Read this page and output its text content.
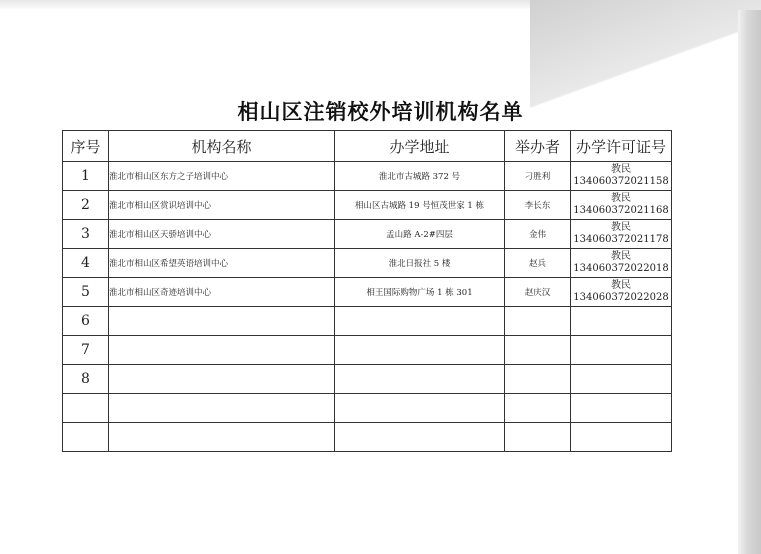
相山区注销校外培训机构名单
序号	机构名称	办学地址	举办者	办学许可证号
1	淮北市相山区东方之子培训中心	淮北市古城路 372 号	刁胜利	教民
134060372021158

2	淮北市相山区赏识培训中心	相山区古城路 19 号恒茂世家 1 栋	李长东	教民
134060372021168

3	淮北市相山区天骄培训中心	孟山路 A-2#四层	金伟	教民
134060372021178

4	淮北市相山区希望英语培训中心	淮北日报社 5 楼	赵兵	教民
134060372022018

5	淮北市相山区奇迹培训中心	相王国际购物广场 1 栋 301	赵庆汉	教民
134060372022028

6				

7				

8				
